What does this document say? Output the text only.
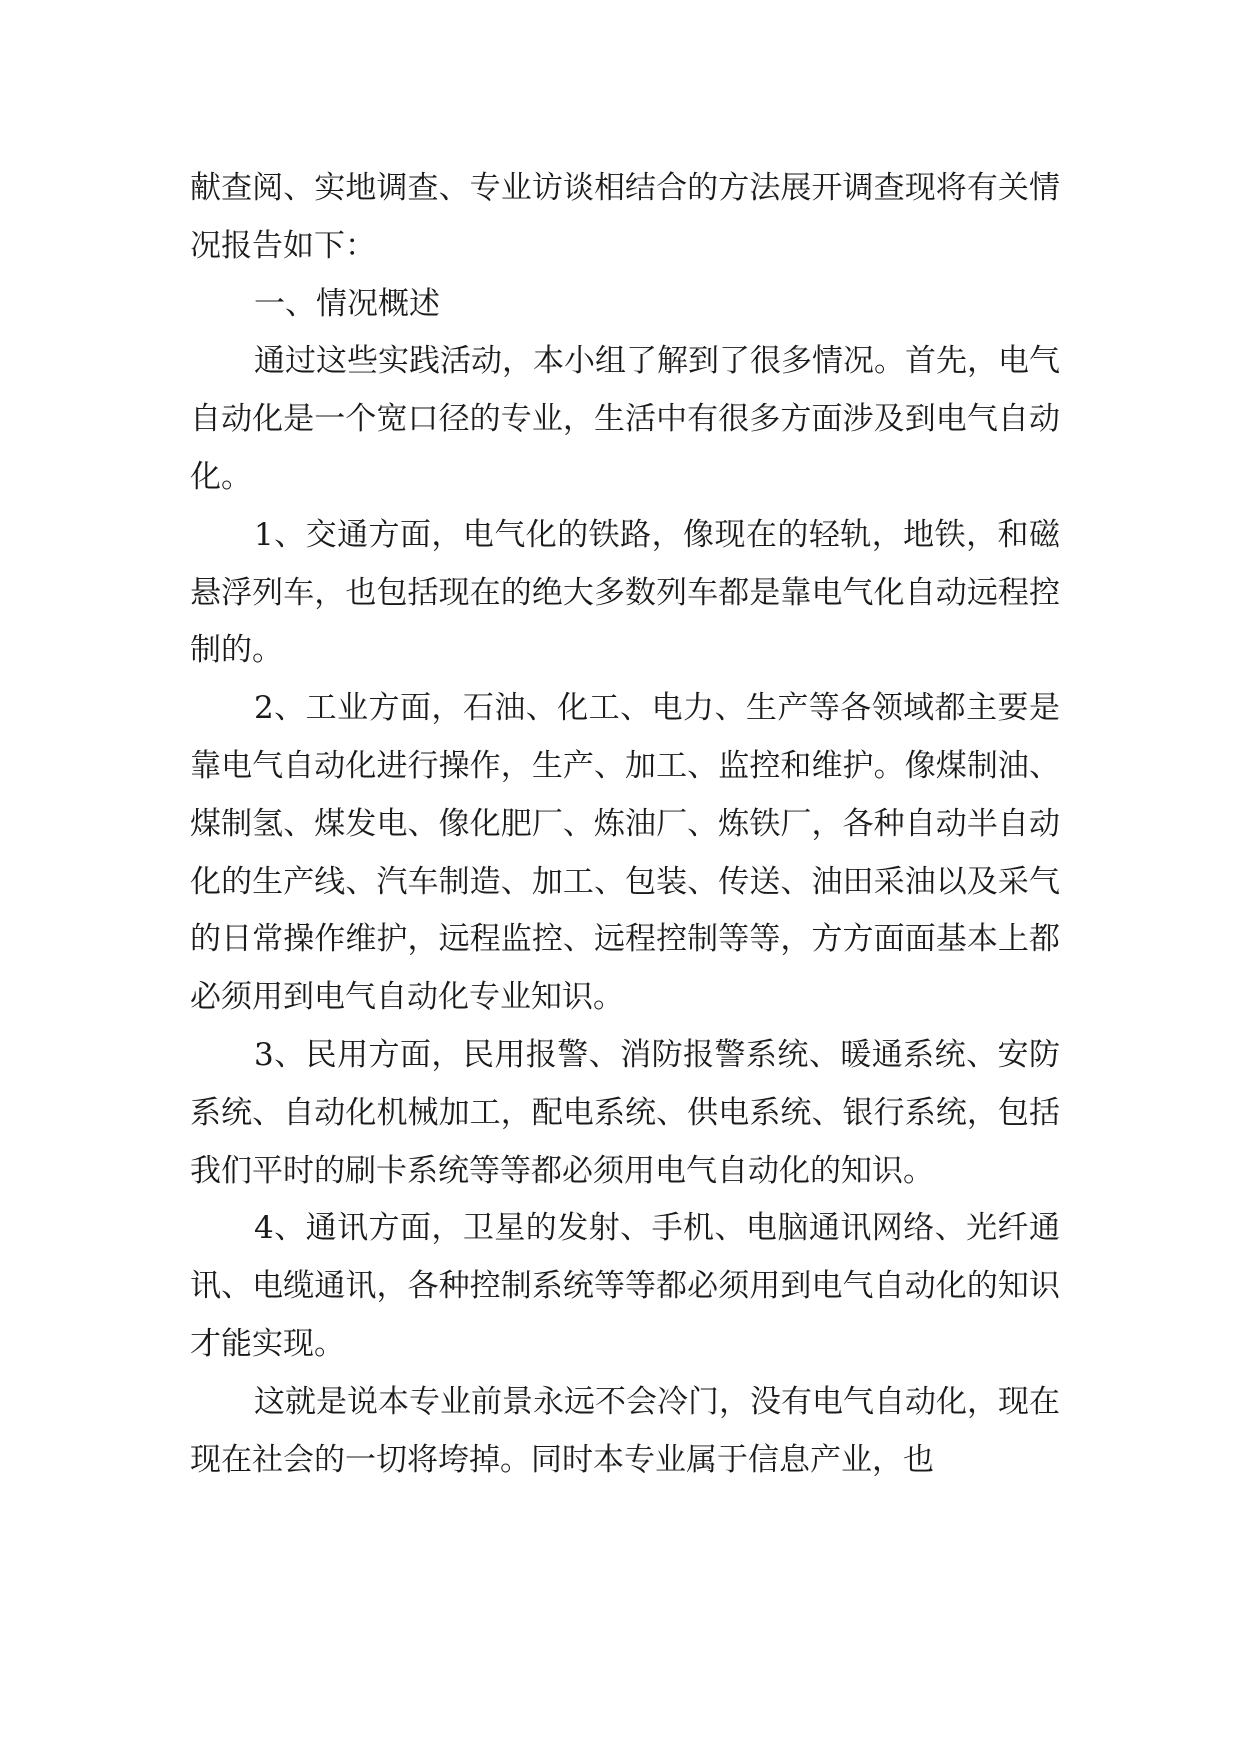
献查阅、实地调查、专业访谈相结合的方法展开调查现将有关情况报告如下：

一、情况概述

通过这些实践活动，本小组了解到了很多情况。首先，电气自动化是一个宽口径的专业，生活中有很多方面涉及到电气自动化。

1、交通方面，电气化的铁路，像现在的轻轨，地铁，和磁悬浮列车，也包括现在的绝大多数列车都是靠电气化自动远程控制的。

2、工业方面，石油、化工、电力、生产等各领域都主要是靠电气自动化进行操作，生产、加工、监控和维护。像煤制油、煤制氢、煤发电、像化肥厂、炼油厂、炼铁厂，各种自动半自动化的生产线、汽车制造、加工、包装、传送、油田采油以及采气的日常操作维护，远程监控、远程控制等等，方方面面基本上都必须用到电气自动化专业知识。

3、民用方面，民用报警、消防报警系统、暖通系统、安防系统、自动化机械加工，配电系统、供电系统、银行系统，包括我们平时的刷卡系统等等都必须用电气自动化的知识。

4、通讯方面，卫星的发射、手机、电脑通讯网络、光纤通讯、电缆通讯，各种控制系统等等都必须用到电气自动化的知识才能实现。

这就是说本专业前景永远不会冷门，没有电气自动化，现在现在社会的一切将垮掉。同时本专业属于信息产业，也
